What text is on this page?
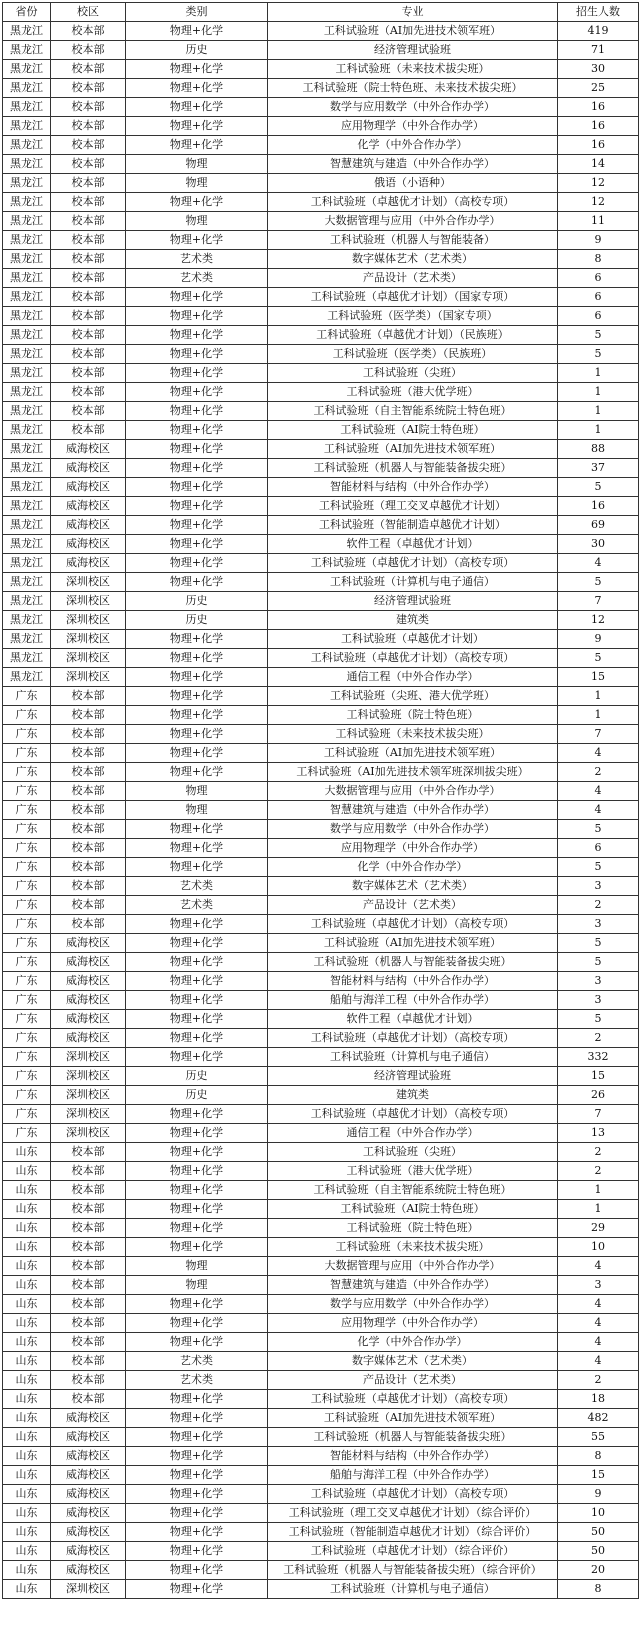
省份	校区	类别	专业	招生人数
黑龙江	校本部	物理+化学	工科试验班（AI加先进技术领军班）	419
黑龙江	校本部	历史	经济管理试验班	71
黑龙江	校本部	物理+化学	工科试验班（未来技术拔尖班）	30
黑龙江	校本部	物理+化学	工科试验班（院士特色班、未来技术拔尖班）	25
黑龙江	校本部	物理+化学	数学与应用数学（中外合作办学）	16
黑龙江	校本部	物理+化学	应用物理学（中外合作办学）	16
黑龙江	校本部	物理+化学	化学（中外合作办学）	16
黑龙江	校本部	物理	智慧建筑与建造（中外合作办学）	14
黑龙江	校本部	物理	俄语（小语种）	12
黑龙江	校本部	物理+化学	工科试验班（卓越优才计划）（高校专项）	12
黑龙江	校本部	物理	大数据管理与应用（中外合作办学）	11
黑龙江	校本部	物理+化学	工科试验班（机器人与智能装备）	9
黑龙江	校本部	艺术类	数字媒体艺术（艺术类）	8
黑龙江	校本部	艺术类	产品设计（艺术类）	6
黑龙江	校本部	物理+化学	工科试验班（卓越优才计划）（国家专项）	6
黑龙江	校本部	物理+化学	工科试验班（医学类）（国家专项）	6
黑龙江	校本部	物理+化学	工科试验班（卓越优才计划）（民族班）	5
黑龙江	校本部	物理+化学	工科试验班（医学类）（民族班）	5
黑龙江	校本部	物理+化学	工科试验班（尖班）	1
黑龙江	校本部	物理+化学	工科试验班（港大优学班）	1
黑龙江	校本部	物理+化学	工科试验班（自主智能系统院士特色班）	1
黑龙江	校本部	物理+化学	工科试验班（AI院士特色班）	1
黑龙江	威海校区	物理+化学	工科试验班（AI加先进技术领军班）	88
黑龙江	威海校区	物理+化学	工科试验班（机器人与智能装备拔尖班）	37
黑龙江	威海校区	物理+化学	智能材料与结构（中外合作办学）	5
黑龙江	威海校区	物理+化学	工科试验班（理工交叉卓越优才计划）	16
黑龙江	威海校区	物理+化学	工科试验班（智能制造卓越优才计划）	69
黑龙江	威海校区	物理+化学	软件工程（卓越优才计划）	30
黑龙江	威海校区	物理+化学	工科试验班（卓越优才计划）（高校专项）	4
黑龙江	深圳校区	物理+化学	工科试验班（计算机与电子通信）	5
黑龙江	深圳校区	历史	经济管理试验班	7
黑龙江	深圳校区	历史	建筑类	12
黑龙江	深圳校区	物理+化学	工科试验班（卓越优才计划）	9
黑龙江	深圳校区	物理+化学	工科试验班（卓越优才计划）（高校专项）	5
黑龙江	深圳校区	物理+化学	通信工程（中外合作办学）	15
广东	校本部	物理+化学	工科试验班（尖班、港大优学班）	1
广东	校本部	物理+化学	工科试验班（院士特色班）	1
广东	校本部	物理+化学	工科试验班（未来技术拔尖班）	7
广东	校本部	物理+化学	工科试验班（AI加先进技术领军班）	4
广东	校本部	物理+化学	工科试验班（AI加先进技术领军班深圳拔尖班）	2
广东	校本部	物理	大数据管理与应用（中外合作办学）	4
广东	校本部	物理	智慧建筑与建造（中外合作办学）	4
广东	校本部	物理+化学	数学与应用数学（中外合作办学）	5
广东	校本部	物理+化学	应用物理学（中外合作办学）	6
广东	校本部	物理+化学	化学（中外合作办学）	5
广东	校本部	艺术类	数字媒体艺术（艺术类）	3
广东	校本部	艺术类	产品设计（艺术类）	2
广东	校本部	物理+化学	工科试验班（卓越优才计划）（高校专项）	3
广东	威海校区	物理+化学	工科试验班（AI加先进技术领军班）	5
广东	威海校区	物理+化学	工科试验班（机器人与智能装备拔尖班）	5
广东	威海校区	物理+化学	智能材料与结构（中外合作办学）	3
广东	威海校区	物理+化学	船舶与海洋工程（中外合作办学）	3
广东	威海校区	物理+化学	软件工程（卓越优才计划）	5
广东	威海校区	物理+化学	工科试验班（卓越优才计划）（高校专项）	2
广东	深圳校区	物理+化学	工科试验班（计算机与电子通信）	332
广东	深圳校区	历史	经济管理试验班	15
广东	深圳校区	历史	建筑类	26
广东	深圳校区	物理+化学	工科试验班（卓越优才计划）（高校专项）	7
广东	深圳校区	物理+化学	通信工程（中外合作办学）	13
山东	校本部	物理+化学	工科试验班（尖班）	2
山东	校本部	物理+化学	工科试验班（港大优学班）	2
山东	校本部	物理+化学	工科试验班（自主智能系统院士特色班）	1
山东	校本部	物理+化学	工科试验班（AI院士特色班）	1
山东	校本部	物理+化学	工科试验班（院士特色班）	29
山东	校本部	物理+化学	工科试验班（未来技术拔尖班）	10
山东	校本部	物理	大数据管理与应用（中外合作办学）	4
山东	校本部	物理	智慧建筑与建造（中外合作办学）	3
山东	校本部	物理+化学	数学与应用数学（中外合作办学）	4
山东	校本部	物理+化学	应用物理学（中外合作办学）	4
山东	校本部	物理+化学	化学（中外合作办学）	4
山东	校本部	艺术类	数字媒体艺术（艺术类）	4
山东	校本部	艺术类	产品设计（艺术类）	2
山东	校本部	物理+化学	工科试验班（卓越优才计划）（高校专项）	18
山东	威海校区	物理+化学	工科试验班（AI加先进技术领军班）	482
山东	威海校区	物理+化学	工科试验班（机器人与智能装备拔尖班）	55
山东	威海校区	物理+化学	智能材料与结构（中外合作办学）	8
山东	威海校区	物理+化学	船舶与海洋工程（中外合作办学）	15
山东	威海校区	物理+化学	工科试验班（卓越优才计划）（高校专项）	9
山东	威海校区	物理+化学	工科试验班（理工交叉卓越优才计划）（综合评价）	10
山东	威海校区	物理+化学	工科试验班（智能制造卓越优才计划）（综合评价）	50
山东	威海校区	物理+化学	工科试验班（卓越优才计划）（综合评价）	50
山东	威海校区	物理+化学	工科试验班（机器人与智能装备拔尖班）（综合评价）	20
山东	深圳校区	物理+化学	工科试验班（计算机与电子通信）	8
